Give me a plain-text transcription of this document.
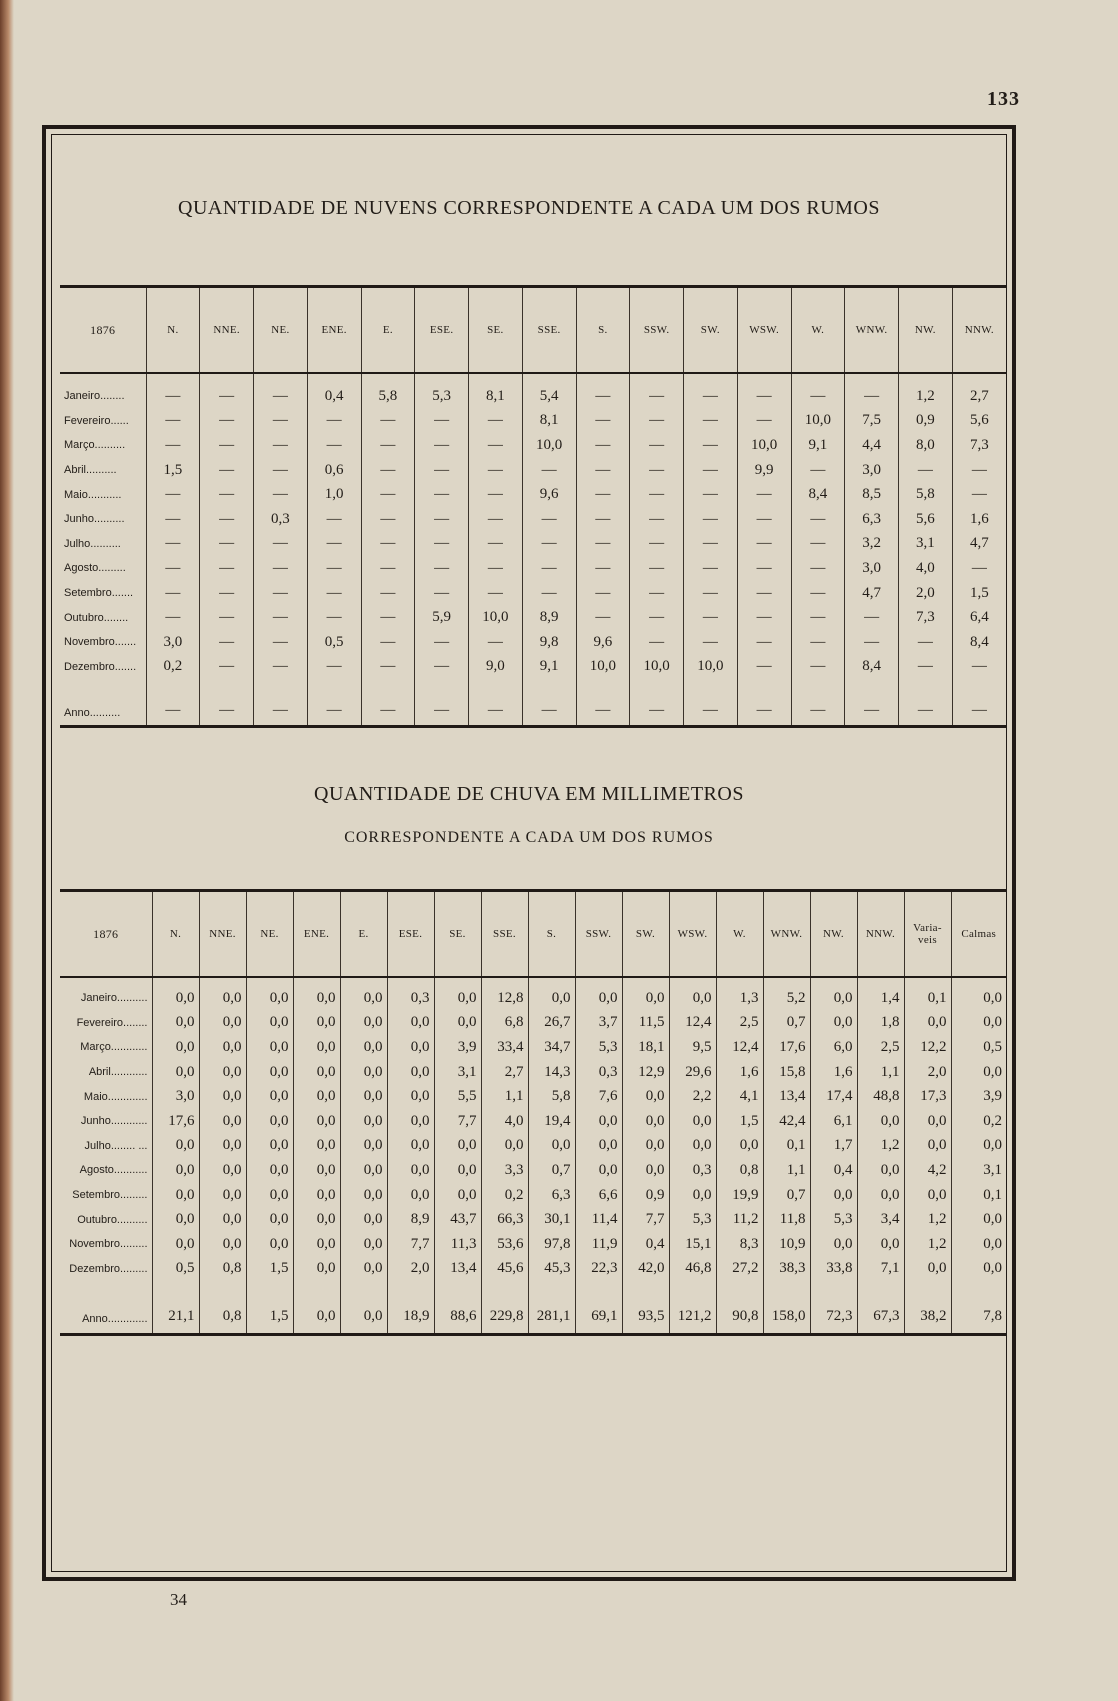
133
QUANTIDADE DE NUVENS CORRESPONDENTE A CADA UM DOS RUMOS
1876	N.	NNE.	NE.	ENE.	E.	ESE.	SE.	SSE.	S.	SSW.	SW.	WSW.	W.	WNW.	NW.	NNW.
Janeiro........	—	—	—	0,4	5,8	5,3	8,1	5,4	—	—	—	—	—	—	1,2	2,7
Fevereiro......	—	—	—	—	—	—	—	8,1	—	—	—	—	10,0	7,5	0,9	5,6
Março..........	—	—	—	—	—	—	—	10,0	—	—	—	10,0	9,1	4,4	8,0	7,3
Abril..........	1,5	—	—	0,6	—	—	—	—	—	—	—	9,9	—	3,0	—	—
Maio...........	—	—	—	1,0	—	—	—	9,6	—	—	—	—	8,4	8,5	5,8	—
Junho..........	—	—	0,3	—	—	—	—	—	—	—	—	—	—	6,3	5,6	1,6
Julho..........	—	—	—	—	—	—	—	—	—	—	—	—	—	3,2	3,1	4,7
Agosto.........	—	—	—	—	—	—	—	—	—	—	—	—	—	3,0	4,0	—
Setembro.......	—	—	—	—	—	—	—	—	—	—	—	—	—	4,7	2,0	1,5
Outubro........	—	—	—	—	—	5,9	10,0	8,9	—	—	—	—	—	—	7,3	6,4
Novembro.......	3,0	—	—	0,5	—	—	—	9,8	9,6	—	—	—	—	—	—	8,4
Dezembro.......	0,2	—	—	—	—	—	9,0	9,1	10,0	10,0	10,0	—	—	8,4	—	—
Anno..........	—	—	—	—	—	—	—	—	—	—	—	—	—	—	—	—
QUANTIDADE DE CHUVA EM MILLIMETROS
CORRESPONDENTE A CADA UM DOS RUMOS
1876	N.	NNE.	NE.	ENE.	E.	ESE.	SE.	SSE.	S.	SSW.	SW.	WSW.	W.	WNW.	NW.	NNW.	Varia-veis	Calmas
Janeiro..........	0,0	0,0	0,0	0,0	0,0	0,3	0,0	12,8	0,0	0,0	0,0	0,0	1,3	5,2	0,0	1,4	0,1	0,0
Fevereiro........	0,0	0,0	0,0	0,0	0,0	0,0	0,0	6,8	26,7	3,7	11,5	12,4	2,5	0,7	0,0	1,8	0,0	0,0
Março............	0,0	0,0	0,0	0,0	0,0	0,0	3,9	33,4	34,7	5,3	18,1	9,5	12,4	17,6	6,0	2,5	12,2	0,5
Abril............	0,0	0,0	0,0	0,0	0,0	0,0	3,1	2,7	14,3	0,3	12,9	29,6	1,6	15,8	1,6	1,1	2,0	0,0
Maio.............	3,0	0,0	0,0	0,0	0,0	0,0	5,5	1,1	5,8	7,6	0,0	2,2	4,1	13,4	17,4	48,8	17,3	3,9
Junho............	17,6	0,0	0,0	0,0	0,0	0,0	7,7	4,0	19,4	0,0	0,0	0,0	1,5	42,4	6,1	0,0	0,0	0,2
Julho........ ...	0,0	0,0	0,0	0,0	0,0	0,0	0,0	0,0	0,0	0,0	0,0	0,0	0,0	0,1	1,7	1,2	0,0	0,0
Agosto...........	0,0	0,0	0,0	0,0	0,0	0,0	0,0	3,3	0,7	0,0	0,0	0,3	0,8	1,1	0,4	0,0	4,2	3,1
Setembro.........	0,0	0,0	0,0	0,0	0,0	0,0	0,0	0,2	6,3	6,6	0,9	0,0	19,9	0,7	0,0	0,0	0,0	0,1
Outubro..........	0,0	0,0	0,0	0,0	0,0	8,9	43,7	66,3	30,1	11,4	7,7	5,3	11,2	11,8	5,3	3,4	1,2	0,0
Novembro.........	0,0	0,0	0,0	0,0	0,0	7,7	11,3	53,6	97,8	11,9	0,4	15,1	8,3	10,9	0,0	0,0	1,2	0,0
Dezembro.........	0,5	0,8	1,5	0,0	0,0	2,0	13,4	45,6	45,3	22,3	42,0	46,8	27,2	38,3	33,8	7,1	0,0	0,0
Anno.............	21,1	0,8	1,5	0,0	0,0	18,9	88,6	229,8	281,1	69,1	93,5	121,2	90,8	158,0	72,3	67,3	38,2	7,8
34
